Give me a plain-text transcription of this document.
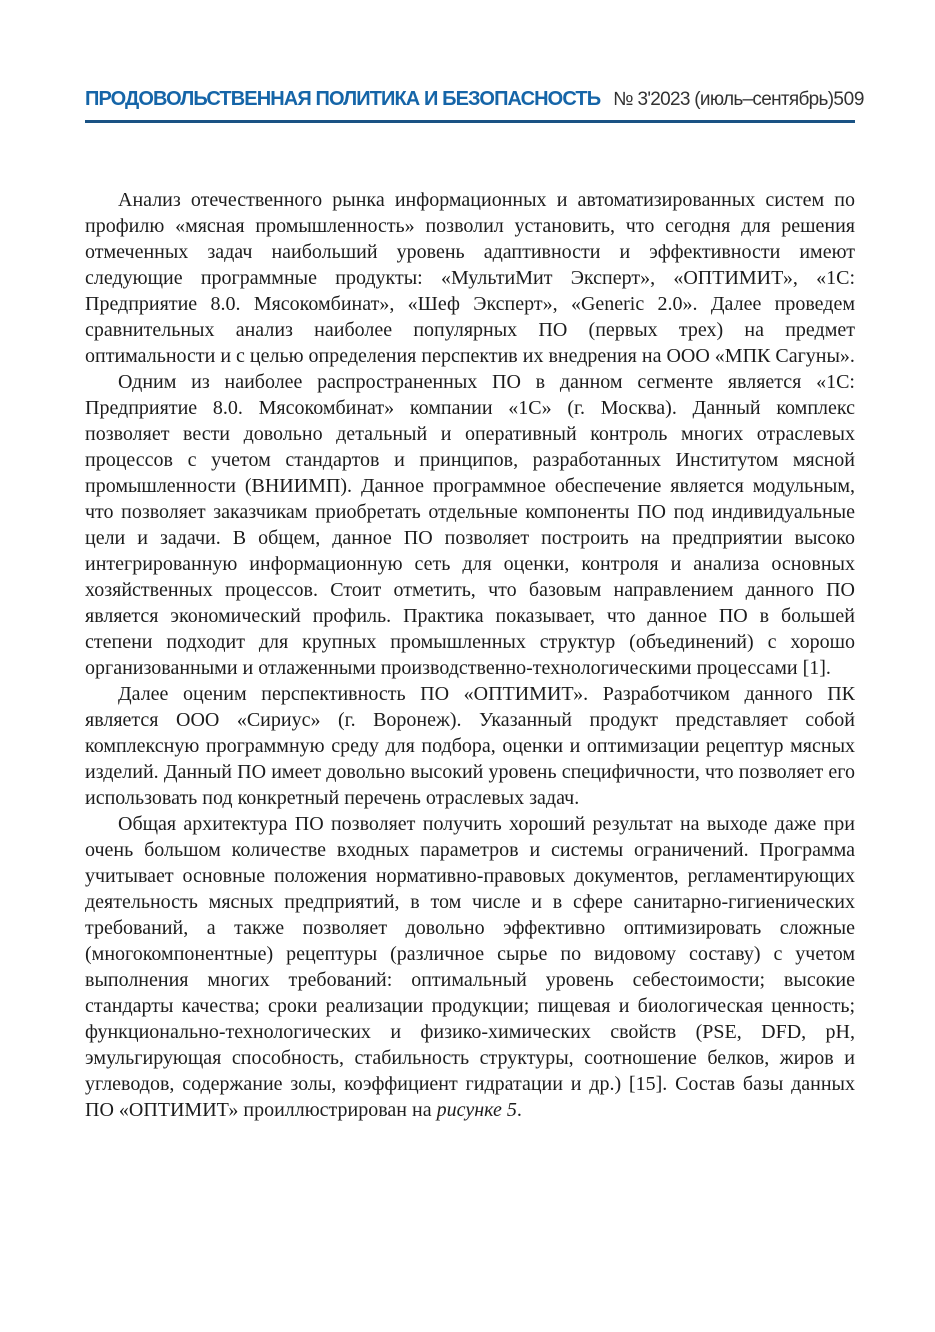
ПРОДОВОЛЬСТВЕННАЯ ПОЛИТИКА И БЕЗОПАСНОСТЬ № 3'2023 (июль–сентябрь) 509

Анализ отечественного рынка информационных и автоматизированных систем по профилю «мясная промышленность» позволил установить, что сегодня для решения отмеченных задач наибольший уровень адаптивности и эффективности имеют следующие программные продукты: «МультиМит Эксперт», «ОПТИМИТ», «1С: Предприятие 8.0. Мясокомбинат», «Шеф Эксперт», «Generic 2.0». Далее проведем сравнительных анализ наиболее популярных ПО (первых трех) на предмет оптимальности и с целью определения перспектив их внедрения на ООО «МПК Сагуны».

Одним из наиболее распространенных ПО в данном сегменте является «1С: Предприятие 8.0. Мясокомбинат» компании «1С» (г. Москва). Данный комплекс позволяет вести довольно детальный и оперативный контроль многих отраслевых процессов с учетом стандартов и принципов, разработанных Институтом мясной промышленности (ВНИИМП). Данное программное обеспечение является модульным, что позволяет заказчикам приобретать отдельные компоненты ПО под индивидуальные цели и задачи. В общем, данное ПО позволяет построить на предприятии высоко интегрированную информационную сеть для оценки, контроля и анализа основных хозяйственных процессов. Стоит отметить, что базовым направлением данного ПО является экономический профиль. Практика показывает, что данное ПО в большей степени подходит для крупных промышленных структур (объединений) с хорошо организованными и отлаженными производственно-технологическими процессами [1].

Далее оценим перспективность ПО «ОПТИМИТ». Разработчиком данного ПК является ООО «Сириус» (г. Воронеж). Указанный продукт представляет собой комплексную программную среду для подбора, оценки и оптимизации рецептур мясных изделий. Данный ПО имеет довольно высокий уровень специфичности, что позволяет его использовать под конкретный перечень отраслевых задач.

Общая архитектура ПО позволяет получить хороший результат на выходе даже при очень большом количестве входных параметров и системы ограничений. Программа учитывает основные положения нормативно-правовых документов, регламентирующих деятельность мясных предприятий, в том числе и в сфере санитарно-гигиенических требований, а также позволяет довольно эффективно оптимизировать сложные (многокомпонентные) рецептуры (различное сырье по видовому составу) с учетом выполнения многих требований: оптимальный уровень себестоимости; высокие стандарты качества; сроки реализации продукции; пищевая и биологическая ценность; функционально-технологических и физико-химических свойств (PSE, DFD, pH, эмульгирующая способность, стабильность структуры, соотношение белков, жиров и углеводов, содержание золы, коэффициент гидратации и др.) [15]. Состав базы данных ПО «ОПТИМИТ» проиллюстрирован на рисунке 5.
